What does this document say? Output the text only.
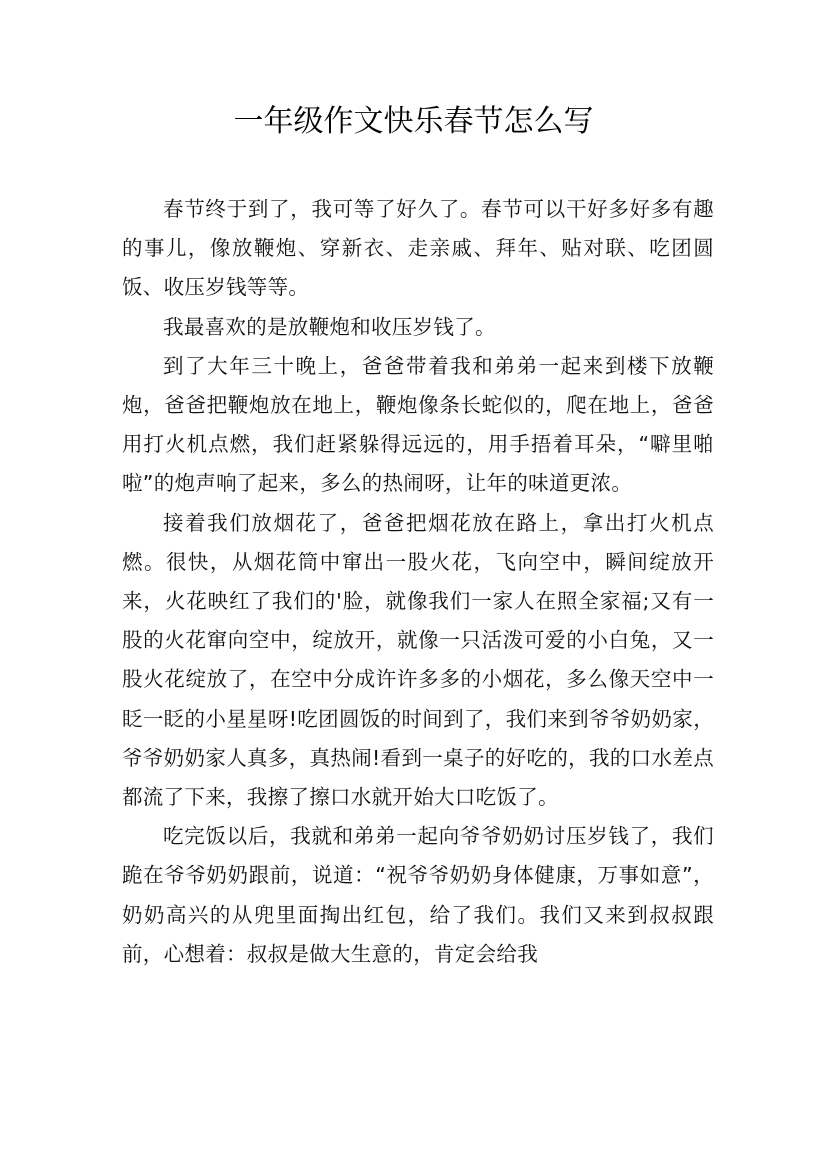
一年级作文快乐春节怎么写

春节终于到了，我可等了好久了。春节可以干好多好多有趣的事儿，像放鞭炮、穿新衣、走亲戚、拜年、贴对联、吃团圆饭、收压岁钱等等。

我最喜欢的是放鞭炮和收压岁钱了。

到了大年三十晚上，爸爸带着我和弟弟一起来到楼下放鞭炮，爸爸把鞭炮放在地上，鞭炮像条长蛇似的，爬在地上，爸爸用打火机点燃，我们赶紧躲得远远的，用手捂着耳朵，“噼里啪啦”的炮声响了起来，多么的热闹呀，让年的味道更浓。

接着我们放烟花了，爸爸把烟花放在路上，拿出打火机点燃。很快，从烟花筒中窜出一股火花，飞向空中，瞬间绽放开来，火花映红了我们的'脸，就像我们一家人在照全家福;又有一股的火花窜向空中，绽放开，就像一只活泼可爱的小白兔，又一股火花绽放了，在空中分成许许多多的小烟花，多么像天空中一眨一眨的小星星呀!吃团圆饭的时间到了，我们来到爷爷奶奶家，爷爷奶奶家人真多，真热闹!看到一桌子的好吃的，我的口水差点都流了下来，我擦了擦口水就开始大口吃饭了。

吃完饭以后，我就和弟弟一起向爷爷奶奶讨压岁钱了，我们跪在爷爷奶奶跟前，说道：“祝爷爷奶奶身体健康，万事如意”，奶奶高兴的从兜里面掏出红包，给了我们。我们又来到叔叔跟前，心想着：叔叔是做大生意的，肯定会给我
